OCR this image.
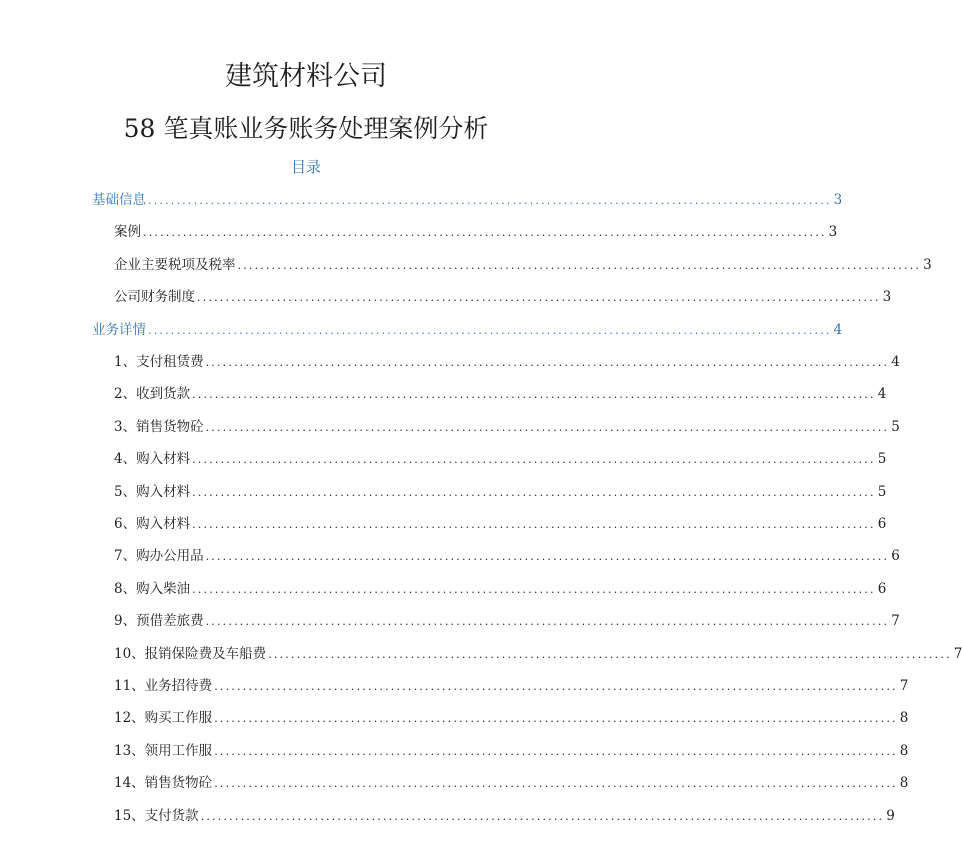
建筑材料公司
58 笔真账业务账务处理案例分析
目录
基础信息 ........................................................................................................................ 3
案例 ........................................................................................................................ 3
企业主要税项及税率 ........................................................................................................................ 3
公司财务制度 ........................................................................................................................ 3
业务详情 ........................................................................................................................ 4
1、支付租赁费 ........................................................................................................................ 4
2、收到货款 ........................................................................................................................ 4
3、销售货物砼 ........................................................................................................................ 5
4、购入材料 ........................................................................................................................ 5
5、购入材料 ........................................................................................................................ 5
6、购入材料 ........................................................................................................................ 6
7、购办公用品 ........................................................................................................................ 6
8、购入柴油 ........................................................................................................................ 6
9、预借差旅费 ........................................................................................................................ 7
10、报销保险费及车船费 ........................................................................................................................ 7
11、业务招待费 ........................................................................................................................ 7
12、购买工作服 ........................................................................................................................ 8
13、领用工作服 ........................................................................................................................ 8
14、销售货物砼 ........................................................................................................................ 8
15、支付货款 ........................................................................................................................ 9
